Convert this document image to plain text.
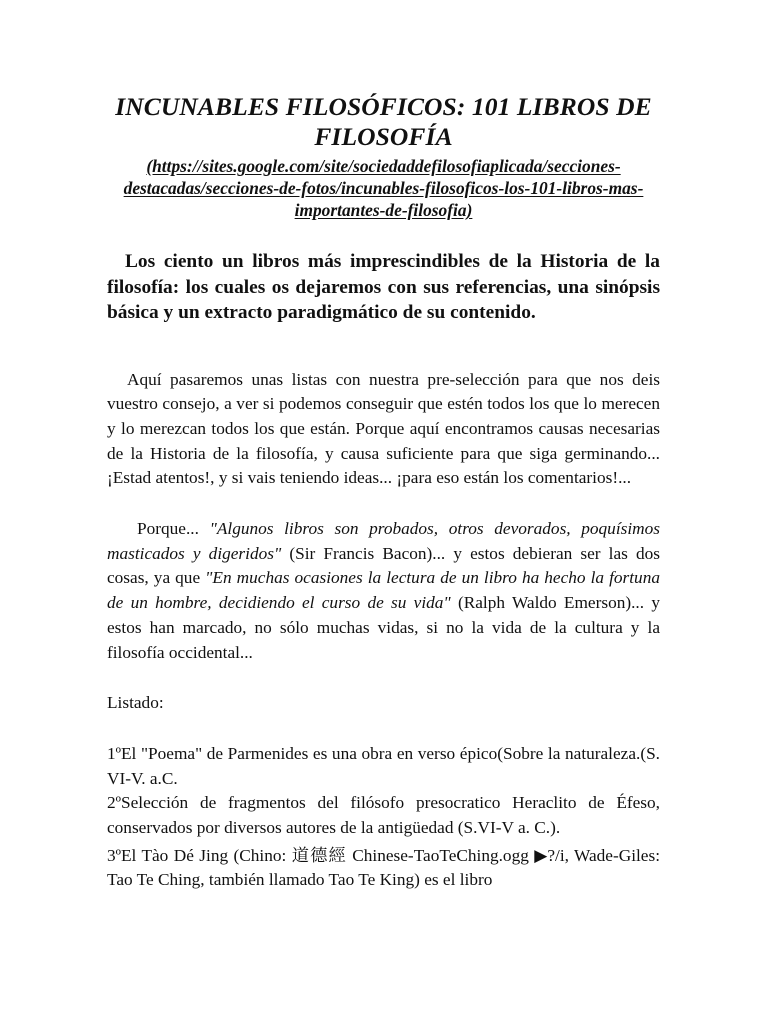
INCUNABLES FILOSÓFICOS: 101 LIBROS DE FILOSOFÍA
(https://sites.google.com/site/sociedaddefilosofiaplicada/secciones-destacadas/secciones-de-fotos/incunables-filosoficos-los-101-libros-mas-importantes-de-filosofia)

Los ciento un libros más imprescindibles de la Historia de la filosofía: los cuales os dejaremos con sus referencias, una sinópsis básica y un extracto paradigmático de su contenido.

Aquí pasaremos unas listas con nuestra pre-selección para que nos deis vuestro consejo, a ver si podemos conseguir que estén todos los que lo merecen y lo merezcan todos los que están. Porque aquí encontramos causas necesarias de la Historia de la filosofía, y causa suficiente para que siga germinando... ¡Estad atentos!, y si vais teniendo ideas... ¡para eso están los comentarios!...

Porque... "Algunos libros son probados, otros devorados, poquísimos masticados y digeridos" (Sir Francis Bacon)... y estos debieran ser las dos cosas, ya que "En muchas ocasiones la lectura de un libro ha hecho la fortuna de un hombre, decidiendo el curso de su vida" (Ralph Waldo Emerson)... y estos han marcado, no sólo muchas vidas, si no la vida de la cultura y la filosofía occidental...

Listado:

1ºEl "Poema" de Parmenides es una obra en verso épico(Sobre la naturaleza.(S. VI-V. a.C.

2ºSelección de fragmentos del filósofo presocratico Heraclito de Éfeso, conservados por diversos autores de la antigüedad (S.VI-V a. C.).

3ºEl Tào Dé Jing (Chino: 道德經 Chinese-TaoTeChing.ogg ▶?/i, Wade-Giles: Tao Te Ching, también llamado Tao Te King) es el libro
